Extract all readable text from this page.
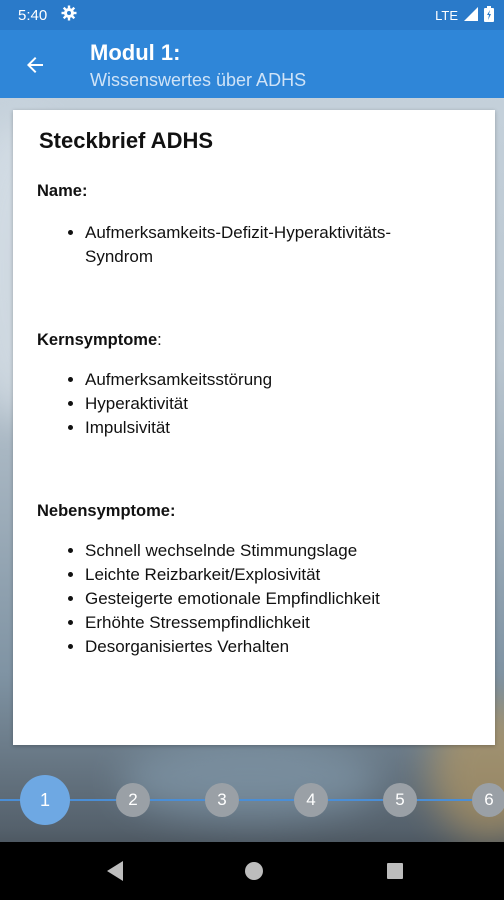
5:40	LTE
Modul 1:
Wissenswertes über ADHS
Steckbrief ADHS

Name:

• Aufmerksamkeits-Defizit-Hyperaktivitäts-Syndrom

Kernsymptome:

• Aufmerksamkeitsstörung
• Hyperaktivität
• Impulsivität

Nebensymptome:

• Schnell wechselnde Stimmungslage
• Leichte Reizbarkeit/Explosivität
• Gesteigerte emotionale Empfindlichkeit
• Erhöhte Stressempfindlichkeit
• Desorganisiertes Verhalten
1	2	3	4	5	6
